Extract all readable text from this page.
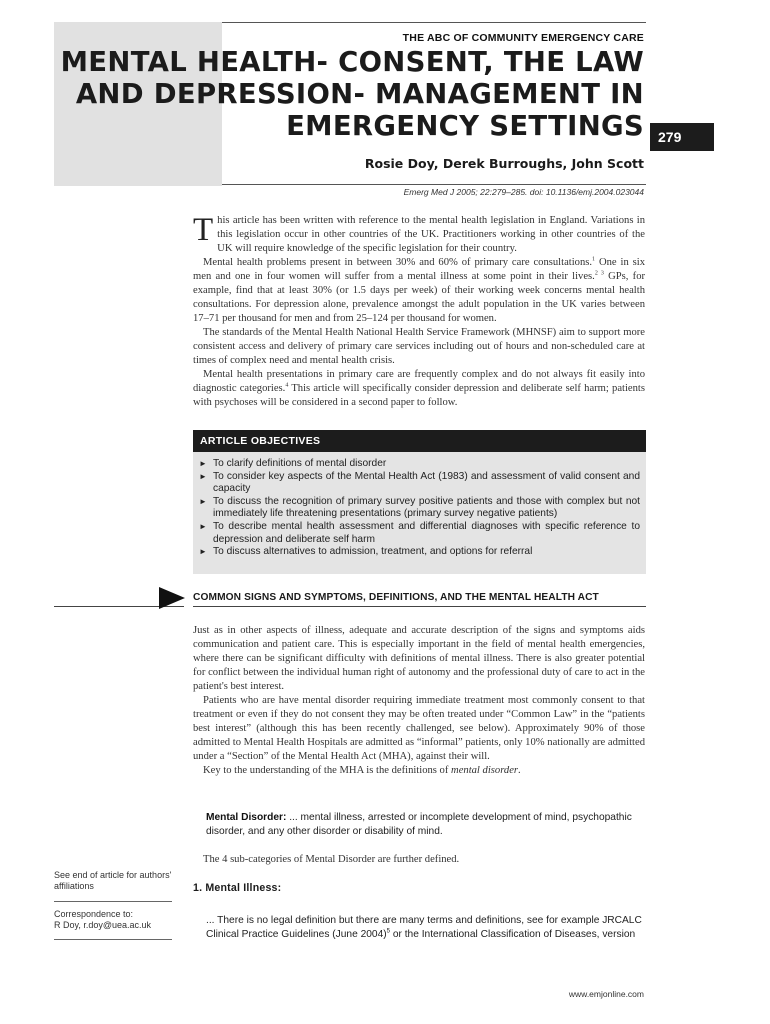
THE ABC OF COMMUNITY EMERGENCY CARE
MENTAL HEALTH- CONSENT, THE LAW
AND DEPRESSION- MANAGEMENT IN
EMERGENCY SETTINGS	279
Rosie Doy, Derek Burroughs, John Scott
Emerg Med J 2005; 22:279–285. doi: 10.1136/emj.2004.023044

This article has been written with reference to the mental health legislation in England. Variations in this legislation occur in other countries of the UK. Practitioners working in other countries of the UK will require knowledge of the specific legislation for their country.

Mental health problems present in between 30% and 60% of primary care consultations.$^1$ One in six men and one in four women will suffer from a mental illness at some point in their lives.$^{2 3}$ GPs, for example, find that at least 30% (or 1.5 days per week) of their working week concerns mental health consultations. For depression alone, prevalence amongst the adult population in the UK varies between 17–71 per thousand for men and from 25–124 per thousand for women.

The standards of the Mental Health National Health Service Framework (MHNSF) aim to support more consistent access and delivery of primary care services including out of hours and non-scheduled care at times of complex need and mental health crisis.

Mental health presentations in primary care are frequently complex and do not always fit easily into diagnostic categories.$^4$ This article will specifically consider depression and deliberate self harm; patients with psychoses will be considered in a second paper to follow.

ARTICLE OBJECTIVES
► To clarify definitions of mental disorder
► To consider key aspects of the Mental Health Act (1983) and assessment of valid consent and capacity
► To discuss the recognition of primary survey positive patients and those with complex but not immediately life threatening presentations (primary survey negative patients)
► To describe mental health assessment and differential diagnoses with specific reference to depression and deliberate self harm
► To discuss alternatives to admission, treatment, and options for referral
COMMON SIGNS AND SYMPTOMS, DEFINITIONS, AND THE MENTAL HEALTH ACT

Just as in other aspects of illness, adequate and accurate description of the signs and symptoms aids communication and patient care. This is especially important in the field of mental health emergencies, where there can be significant difficulty with definitions of mental illness. There is also greater potential for conflict between the individual human right of autonomy and the professional duty of care to act in the patient's best interest.

Patients who are have mental disorder requiring immediate treatment most commonly consent to that treatment or even if they do not consent they may be often treated under “Common Law” in the “patients best interest” (although this has been recently challenged, see below). Approximately 90% of those admitted to Mental Health Hospitals are admitted as “informal” patients, only 10% nationally are admitted under a “Section” of the Mental Health Act (MHA), against their will.

Key to the understanding of the MHA is the definitions of mental disorder.

Mental Disorder: ... mental illness, arrested or incomplete development of mind, psychopathic disorder, and any other disorder or disability of mind.

The 4 sub-categories of Mental Disorder are further defined.

1. Mental Illness:
... There is no legal definition but there are many terms and definitions, see for example JRCALC Clinical Practice Guidelines (June 2004)$^5$ or the International Classification of Diseases, version
See end of article for authors' affiliations
Correspondence to:
R Doy, r.doy@uea.ac.uk
www.emjonline.com
